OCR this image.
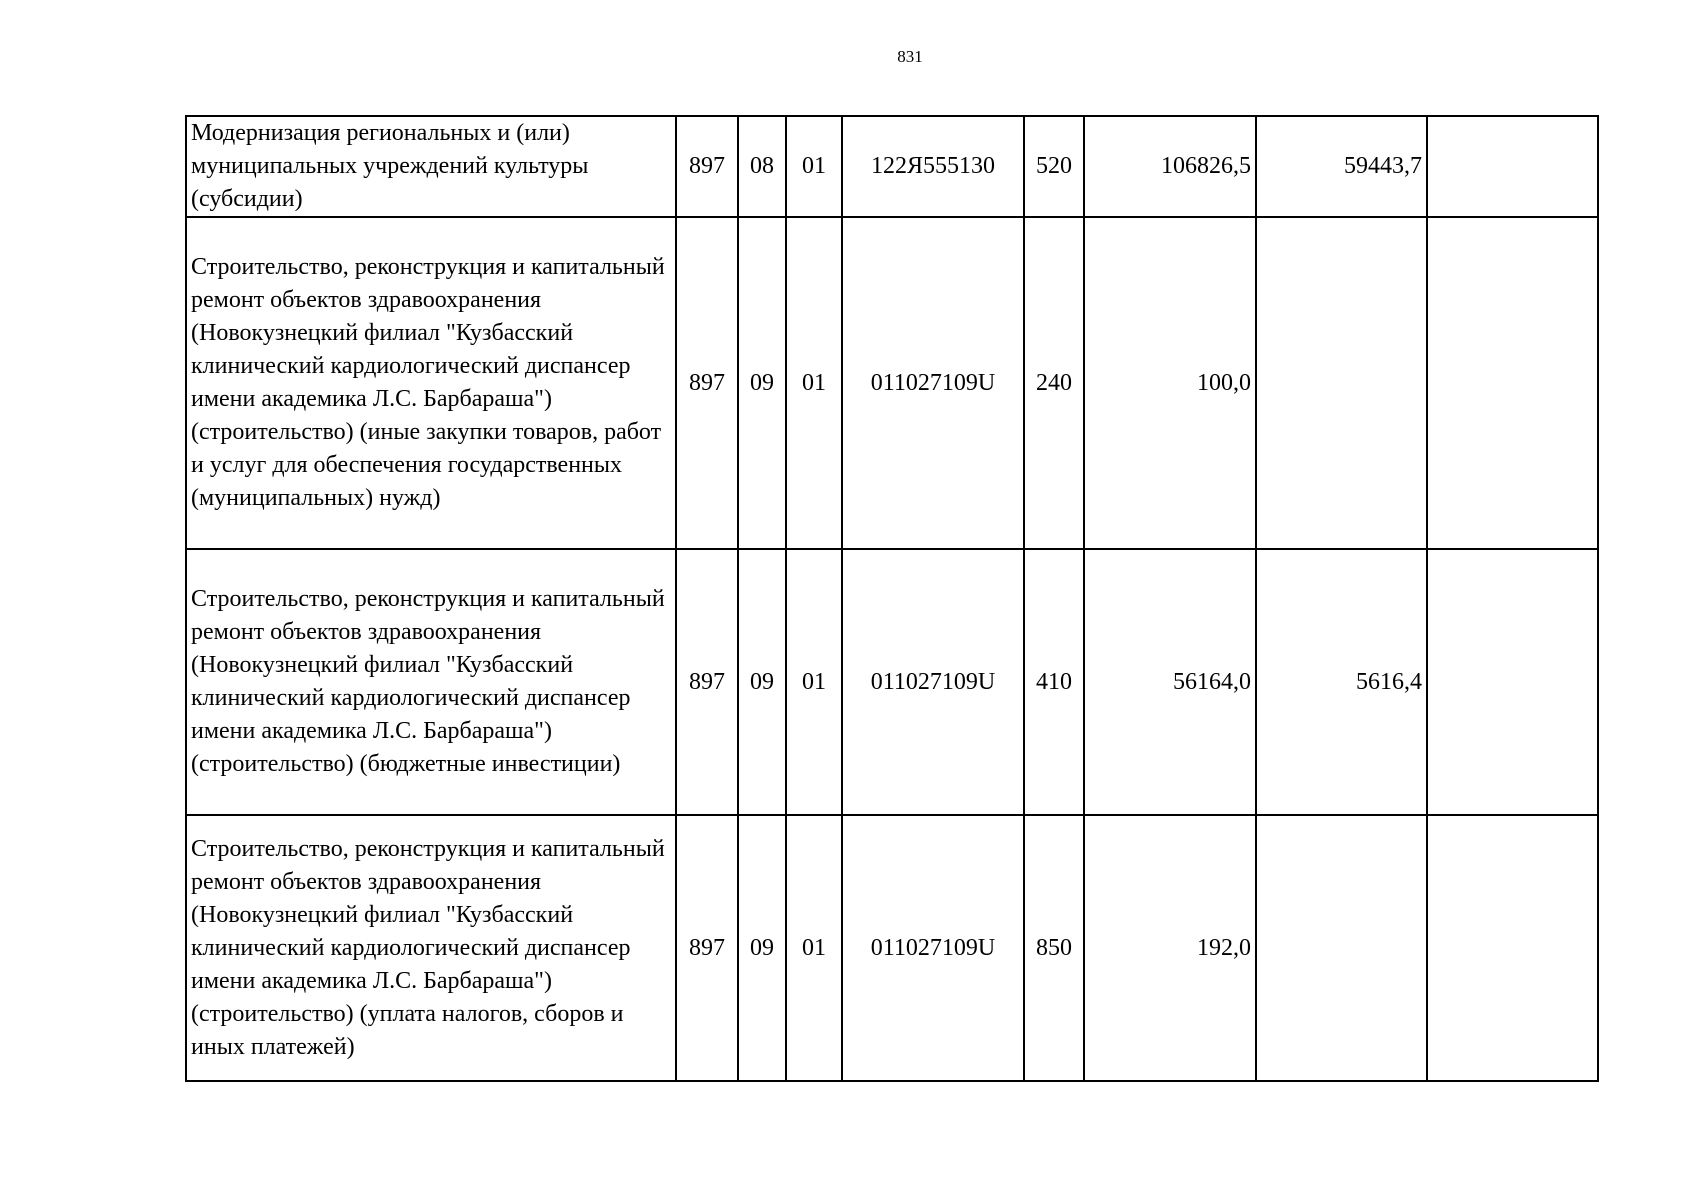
831
Модернизация региональных и (или) муниципальных учреждений культуры (субсидии)	897	08	01	122Я555130	520	106826,5	59443,7	
Строительство, реконструкция и капитальный ремонт объектов здравоохранения (Новокузнецкий филиал "Кузбасский клинический кардиологический диспансер имени академика Л.С. Барбараша") (строительство) (иные закупки товаров, работ и услуг для обеспечения государственных (муниципальных) нужд)	897	09	01	011027109U	240	100,0		
Строительство, реконструкция и капитальный ремонт объектов здравоохранения (Новокузнецкий филиал "Кузбасский клинический кардиологический диспансер имени академика Л.С. Барбараша") (строительство) (бюджетные инвестиции)	897	09	01	011027109U	410	56164,0	5616,4	
Строительство, реконструкция и капитальный ремонт объектов здравоохранения (Новокузнецкий филиал "Кузбасский клинический кардиологический диспансер имени академика Л.С. Барбараша") (строительство) (уплата налогов, сборов и иных платежей)	897	09	01	011027109U	850	192,0		
